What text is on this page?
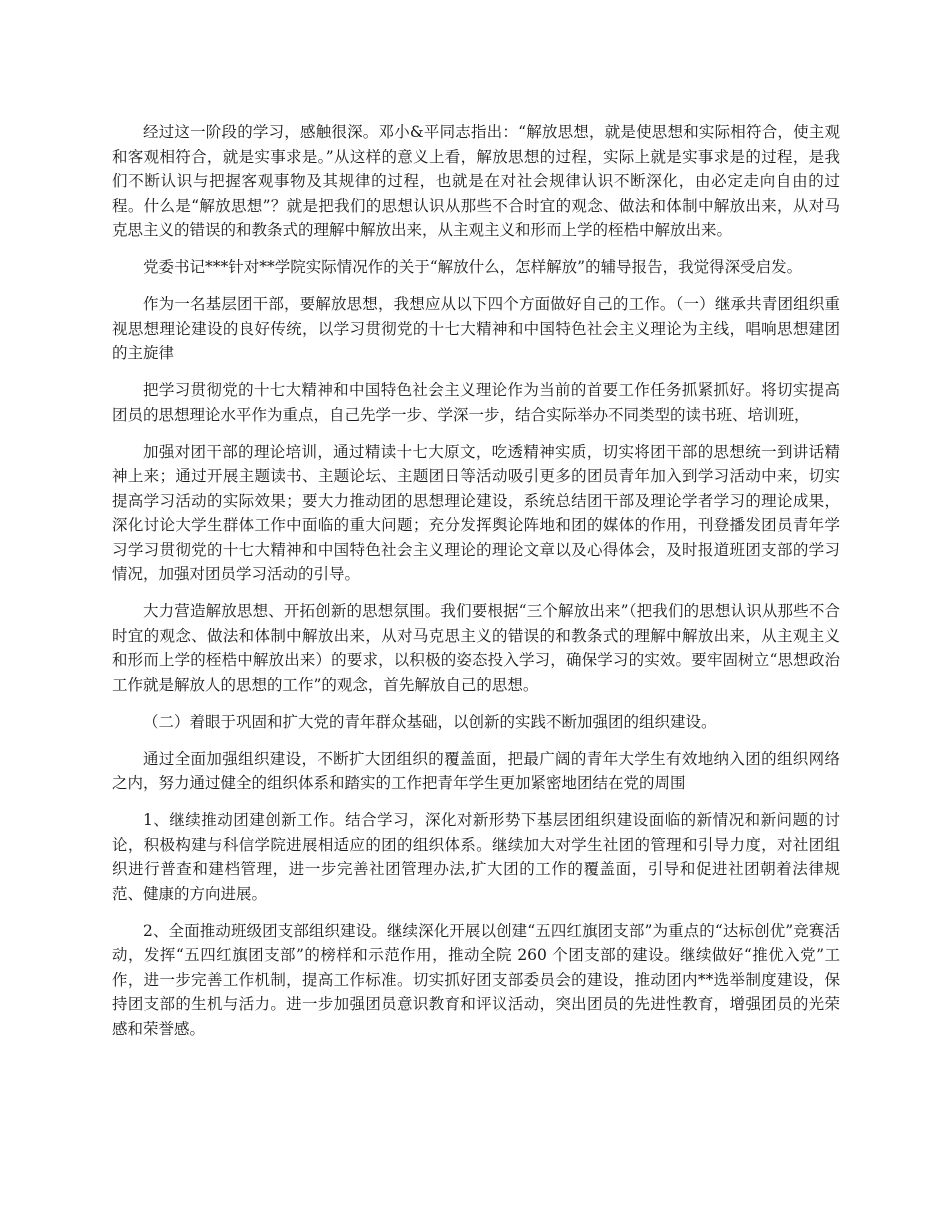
经过这一阶段的学习，感触很深。邓小&平同志指出：“解放思想，就是使思想和实际相符合，使主观和客观相符合，就是实事求是。”从这样的意义上看，解放思想的过程，实际上就是实事求是的过程，是我们不断认识与把握客观事物及其规律的过程，也就是在对社会规律认识不断深化，由必定走向自由的过程。什么是“解放思想”？就是把我们的思想认识从那些不合时宜的观念、做法和体制中解放出来，从对马克思主义的错误的和教条式的理解中解放出来，从主观主义和形而上学的桎梏中解放出来。

党委书记***针对**学院实际情况作的关于“解放什么，怎样解放”的辅导报告，我觉得深受启发。

作为一名基层团干部，要解放思想，我想应从以下四个方面做好自己的工作。（一）继承共青团组织重视思想理论建设的良好传统，以学习贯彻党的十七大精神和中国特色社会主义理论为主线，唱响思想建团的主旋律

把学习贯彻党的十七大精神和中国特色社会主义理论作为当前的首要工作任务抓紧抓好。将切实提高团员的思想理论水平作为重点，自己先学一步、学深一步，结合实际举办不同类型的读书班、培训班，

加强对团干部的理论培训，通过精读十七大原文，吃透精神实质，切实将团干部的思想统一到讲话精神上来；通过开展主题读书、主题论坛、主题团日等活动吸引更多的团员青年加入到学习活动中来，切实提高学习活动的实际效果；要大力推动团的思想理论建设，系统总结团干部及理论学者学习的理论成果，深化讨论大学生群体工作中面临的重大问题；充分发挥舆论阵地和团的媒体的作用，刊登播发团员青年学习学习贯彻党的十七大精神和中国特色社会主义理论的理论文章以及心得体会，及时报道班团支部的学习情况，加强对团员学习活动的引导。

大力营造解放思想、开拓创新的思想氛围。我们要根据“三个解放出来”（把我们的思想认识从那些不合时宜的观念、做法和体制中解放出来，从对马克思主义的错误的和教条式的理解中解放出来，从主观主义和形而上学的桎梏中解放出来）的要求，以积极的姿态投入学习，确保学习的实效。要牢固树立“思想政治工作就是解放人的思想的工作”的观念，首先解放自己的思想。

（二）着眼于巩固和扩大党的青年群众基础，以创新的实践不断加强团的组织建设。

通过全面加强组织建设，不断扩大团组织的覆盖面，把最广阔的青年大学生有效地纳入团的组织网络之内，努力通过健全的组织体系和踏实的工作把青年学生更加紧密地团结在党的周围

1、继续推动团建创新工作。结合学习，深化对新形势下基层团组织建设面临的新情况和新问题的讨论，积极构建与科信学院进展相适应的团的组织体系。继续加大对学生社团的管理和引导力度，对社团组织进行普查和建档管理，进一步完善社团管理办法,扩大团的工作的覆盖面，引导和促进社团朝着法律规范、健康的方向进展。

2、全面推动班级团支部组织建设。继续深化开展以创建“五四红旗团支部”为重点的“达标创优”竞赛活动，发挥“五四红旗团支部”的榜样和示范作用，推动全院 260 个团支部的建设。继续做好“推优入党”工作，进一步完善工作机制，提高工作标准。切实抓好团支部委员会的建设，推动团内**选举制度建设，保持团支部的生机与活力。进一步加强团员意识教育和评议活动，突出团员的先进性教育，增强团员的光荣感和荣誉感。
